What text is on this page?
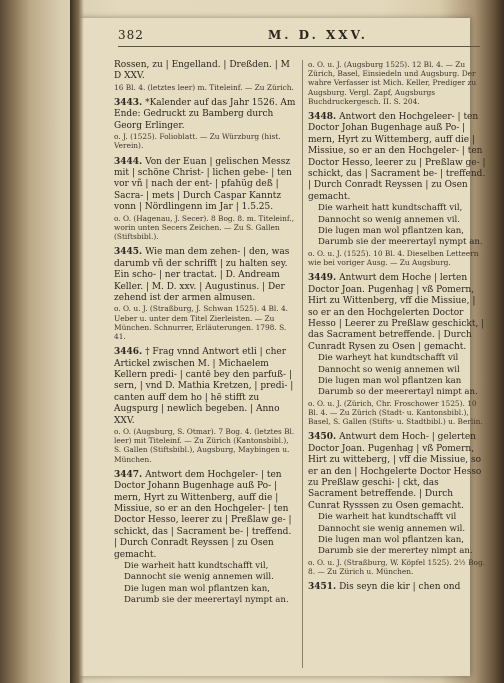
382	M. D. XXV.
Rossen, zu | Engelland. | Dreßden. | M D XXV.
16 Bl. 4. (letztes leer) m. Titeleinf. — Zu Zürich.
3443. *Kalender auf das Jahr 1526. Am Ende: Gedruckt zu Bamberg durch Georg Erlinger.
o. J. (1525). Folioblatt. — Zu Würzburg (hist. Verein).
3444. Von der Euan | gelischen Messz mit | schöne Christ- | lichen gebe- | ten vor vñ | nach der ent- | pfahüg deß | Sacra- | mets | Durch Caspar Kanntz vonn | Nördlingenn im Jar | 1.5.25.
o. O. (Hagenau, J. Secer). 8 Bog. 8. m. Titeleinf., worin unten Secers Zeichen. — Zu S. Gallen (Stiftsbibl.).
3445. Wie man dem zehen- | den, was darumb vñ der schrifft | zu halten sey. Ein scho- | ner tractat. | D. Andream Keller. | M. D. xxv. | Augustinus. | Der zehend ist der armen almusen.
o. O. u. J. (Straßburg, J. Schwan 1525). 4 Bl. 4. Ueber u. unter dem Titel Zierleisten. — Zu München. Schnurrer, Erläuterungen. 1798. S. 41.
3446. † Frag vnnd Antwort etli | cher Artickel zwischen M. | Michaelem Kellern predi- | cantē bey den parfuß- | sern, | vnd D. Mathia Kretzen, | predi- | canten auff dem ho | hē stifft zu Augspurg | newlich begeben. | Anno XXV.
o. O. (Augsburg, S. Otmar). 7 Bog. 4. (letztes Bl. leer) mit Titeleinf. — Zu Zürich (Kantonsbibl.), S. Gallen (Stiftsbibl.), Augsburg, Maybingen u. München.
3447. Antwort dem Hochgeler- | ten Doctor Johann Bugenhage auß Po- | mern, Hyrt zu Wittenberg, auff die | Missiue, so er an den Hochgeler- | ten Doctor Hesso, leerer zu | Preßlaw ge- | schickt, das | Sacrament be- | treffend. | Durch Conradt Reyssen | zu Osen gemacht.
Die warheit hatt kundtschafft vil,
Dannocht sie wenig annemen will.
Die lugen man wol pflantzen kan,
Darumb sie der meerertayl nympt an.
o. O. u. J. (Augsburg 1525). 12 Bl. 4. — Zu Zürich, Basel, Einsiedeln und Augsburg. Der wahre Verfasser ist Mich. Keller, Prediger zu Augsburg. Vergl. Zapf, Augsburgs Buchdruckergesch. II. S. 204.
3448. Antwort den Hochgeleer- | ten Doctor Johan Bugenhage auß Po- | mern, Hyrt zu Wittemberg, auff die | Missiue, so er an den Hochgeler- | ten Doctor Hesso, leerer zu | Preßlaw ge- | schickt, das | Sacrament be- | treffend. | Durch Conradt Reyssen | zu Osen gemacht.
Die warheit hatt kundtschafft vil,
Dannocht so wenig annemen vil.
Die lugen man wol pflantzen kan,
Darumb sie der meerertayl nympt an.
o. O. u. J. (1525). 10 Bl. 4. Dieselben Letteern wie bei voriger Ausg. — Zu Augsburg.
3449. Antwurt dem Hoche | lerten Doctor Joan. Pugenhag | vß Pomern, Hirt zu Wittenberg, vff die Missiue, | so er an den Hochgelerten Doctor Hesso | Leerer zu Preßlaw geschickt, | das Sacrament betreffende. | Durch Cunradt Rysen zu Osen | gemacht.
Die warheyt hat kundtschafft vil
Dannocht so wenig annemen wil
Die lugen man wol pflantzen kan
Darumb so der meerertayl nimpt an.
o. O. u. J. (Zürich, Chr. Froschower 1525). 10 Bl. 4. — Zu Zürich (Stadt- u. Kantonsbibl.), Basel, S. Gallen (Stifts- u. Stadtbibl.) u. Berlin.
3450. Antwurt dem Hoch- | gelerten Doctor Joan. Pugenhag | vß Pomern, Hirt zu witteberg, | vff die Missiue, so er an den | Hochgelerte Doctor Hesso zu Preßlaw geschi- | ckt, das Sacrament betreffende. | Durch Cunrat Rysssen zu Osen gemacht.
Die warheit hat kundtschafft vil
Dannocht sie wenig annemen wil.
Die lugen man wol pflantzen kan,
Darumb sie der merertey nimpt an.
o. O. u. J. (Straßburg, W. Köpfel 1525). 2½ Bog. 8. — Zu Zürich u. München.
3451. Dis seyn die kir | chen ond
